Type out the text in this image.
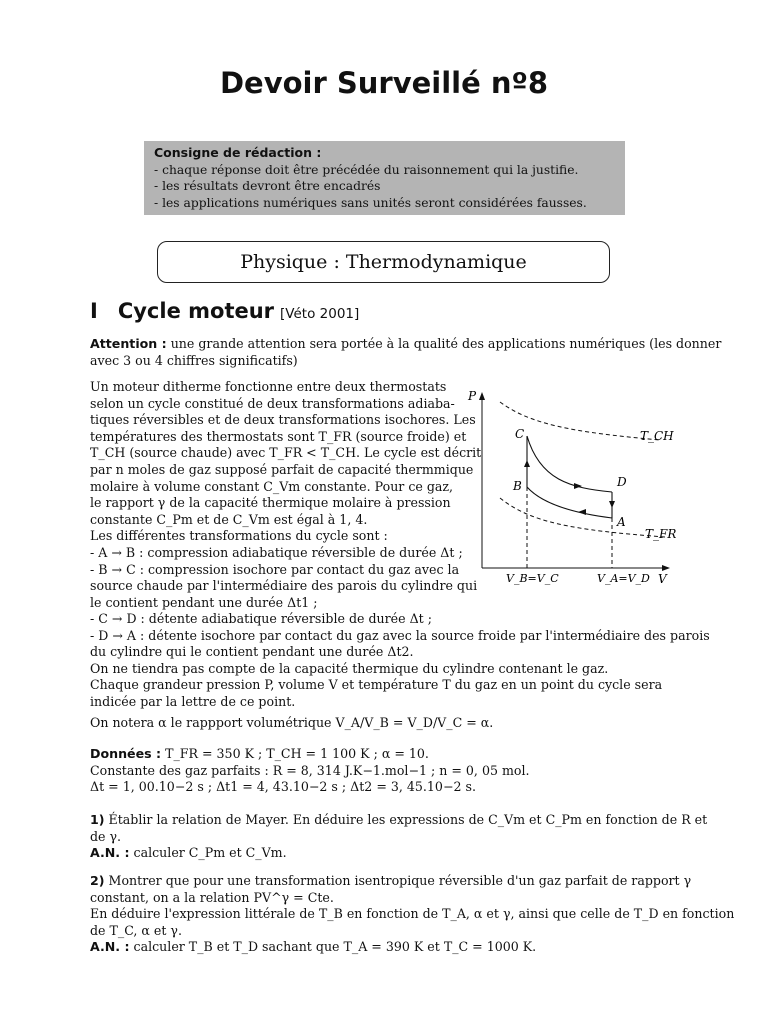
Devoir Surveillé nº8
Consigne de rédaction :
- chaque réponse doit être précédée du raisonnement qui la justifie.
- les résultats devront être encadrés
- les applications numériques sans unités seront considérées fausses.
Physique : Thermodynamique
I Cycle moteur [Véto 2001]
Attention : une grande attention sera portée à la qualité des applications numériques (les donner
avec 3 ou 4 chiffres significatifs)
Un moteur ditherme fonctionne entre deux thermostats
selon un cycle constitué de deux transformations adiaba-
tiques réversibles et de deux transformations isochores. Les
températures des thermostats sont T_FR (source froide) et
T_CH (source chaude) avec T_FR < T_CH. Le cycle est décrit
par n moles de gaz supposé parfait de capacité thermmique
molaire à volume constant C_Vm constante. Pour ce gaz,
le rapport γ de la capacité thermique molaire à pression
constante C_Pm et de C_Vm est égal à 1, 4.
Les différentes transformations du cycle sont :
- A → B : compression adiabatique réversible de durée Δt ;
- B → C : compression isochore par contact du gaz avec la
source chaude par l'intermédiaire des parois du cylindre qui
le contient pendant une durée Δt1 ;
- C → D : détente adiabatique réversible de durée Δt ;
- D → A : détente isochore par contact du gaz avec la source froide par l'intermédiaire des parois
du cylindre qui le contient pendant une durée Δt2.
On ne tiendra pas compte de la capacité thermique du cylindre contenant le gaz.
Chaque grandeur pression P, volume V et température T du gaz en un point du cycle sera
indicée par la lettre de ce point.
On notera α le rappport volumétrique V_A/V_B = V_D/V_C = α.
Données : T_FR = 350 K ; T_CH = 1 100 K ; α = 10.
Constante des gaz parfaits : R = 8, 314 J.K−1.mol−1 ; n = 0, 05 mol.
Δt = 1, 00.10−2 s ; Δt1 = 4, 43.10−2 s ; Δt2 = 3, 45.10−2 s.
1) Établir la relation de Mayer. En déduire les expressions de C_Vm et C_Pm en fonction de R et
de γ.
A.N. : calculer C_Pm et C_Vm.
2) Montrer que pour une transformation isentropique réversible d'un gaz parfait de rapport γ
constant, on a la relation PV^γ = Cte.
En déduire l'expression littérale de T_B en fonction de T_A, α et γ, ainsi que celle de T_D en fonction
de T_C, α et γ.
A.N. : calculer T_B et T_D sachant que T_A = 390 K et T_C = 1000 K.
P
V
T_CH
T_FR
C
B	D
A
V_B=V_C	V_A=V_D
